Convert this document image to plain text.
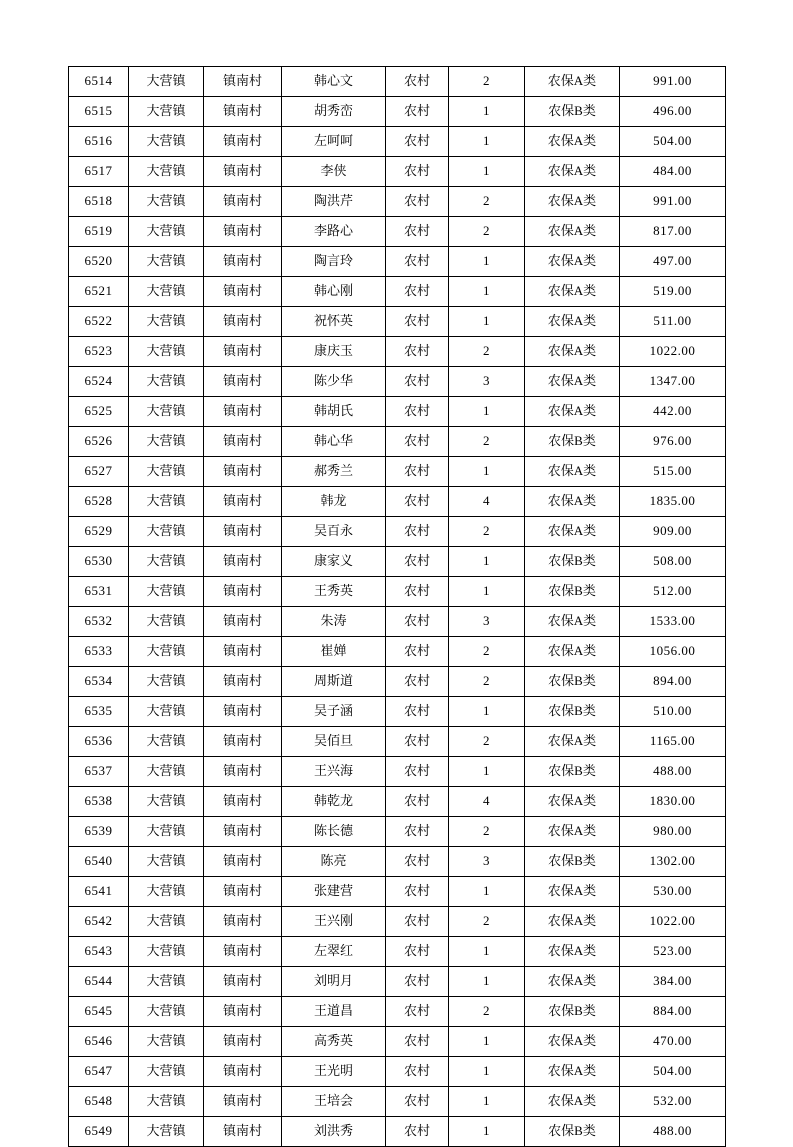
6514	大营镇	镇南村	韩心文	农村	2	农保A类	991.00
6515	大营镇	镇南村	胡秀峦	农村	1	农保B类	496.00
6516	大营镇	镇南村	左呵呵	农村	1	农保A类	504.00
6517	大营镇	镇南村	李侠	农村	1	农保A类	484.00
6518	大营镇	镇南村	陶洪芹	农村	2	农保A类	991.00
6519	大营镇	镇南村	李路心	农村	2	农保A类	817.00
6520	大营镇	镇南村	陶言玲	农村	1	农保A类	497.00
6521	大营镇	镇南村	韩心刚	农村	1	农保A类	519.00
6522	大营镇	镇南村	祝怀英	农村	1	农保A类	511.00
6523	大营镇	镇南村	康庆玉	农村	2	农保A类	1022.00
6524	大营镇	镇南村	陈少华	农村	3	农保A类	1347.00
6525	大营镇	镇南村	韩胡氏	农村	1	农保A类	442.00
6526	大营镇	镇南村	韩心华	农村	2	农保B类	976.00
6527	大营镇	镇南村	郝秀兰	农村	1	农保A类	515.00
6528	大营镇	镇南村	韩龙	农村	4	农保A类	1835.00
6529	大营镇	镇南村	吴百永	农村	2	农保A类	909.00
6530	大营镇	镇南村	康家义	农村	1	农保B类	508.00
6531	大营镇	镇南村	王秀英	农村	1	农保B类	512.00
6532	大营镇	镇南村	朱涛	农村	3	农保A类	1533.00
6533	大营镇	镇南村	崔婵	农村	2	农保A类	1056.00
6534	大营镇	镇南村	周斯道	农村	2	农保B类	894.00
6535	大营镇	镇南村	吴子涵	农村	1	农保B类	510.00
6536	大营镇	镇南村	吴佰旦	农村	2	农保A类	1165.00
6537	大营镇	镇南村	王兴海	农村	1	农保B类	488.00
6538	大营镇	镇南村	韩乾龙	农村	4	农保A类	1830.00
6539	大营镇	镇南村	陈长德	农村	2	农保A类	980.00
6540	大营镇	镇南村	陈亮	农村	3	农保B类	1302.00
6541	大营镇	镇南村	张建营	农村	1	农保A类	530.00
6542	大营镇	镇南村	王兴刚	农村	2	农保A类	1022.00
6543	大营镇	镇南村	左翠红	农村	1	农保A类	523.00
6544	大营镇	镇南村	刘明月	农村	1	农保A类	384.00
6545	大营镇	镇南村	王道昌	农村	2	农保B类	884.00
6546	大营镇	镇南村	高秀英	农村	1	农保A类	470.00
6547	大营镇	镇南村	王光明	农村	1	农保A类	504.00
6548	大营镇	镇南村	王培会	农村	1	农保A类	532.00
6549	大营镇	镇南村	刘洪秀	农村	1	农保B类	488.00
